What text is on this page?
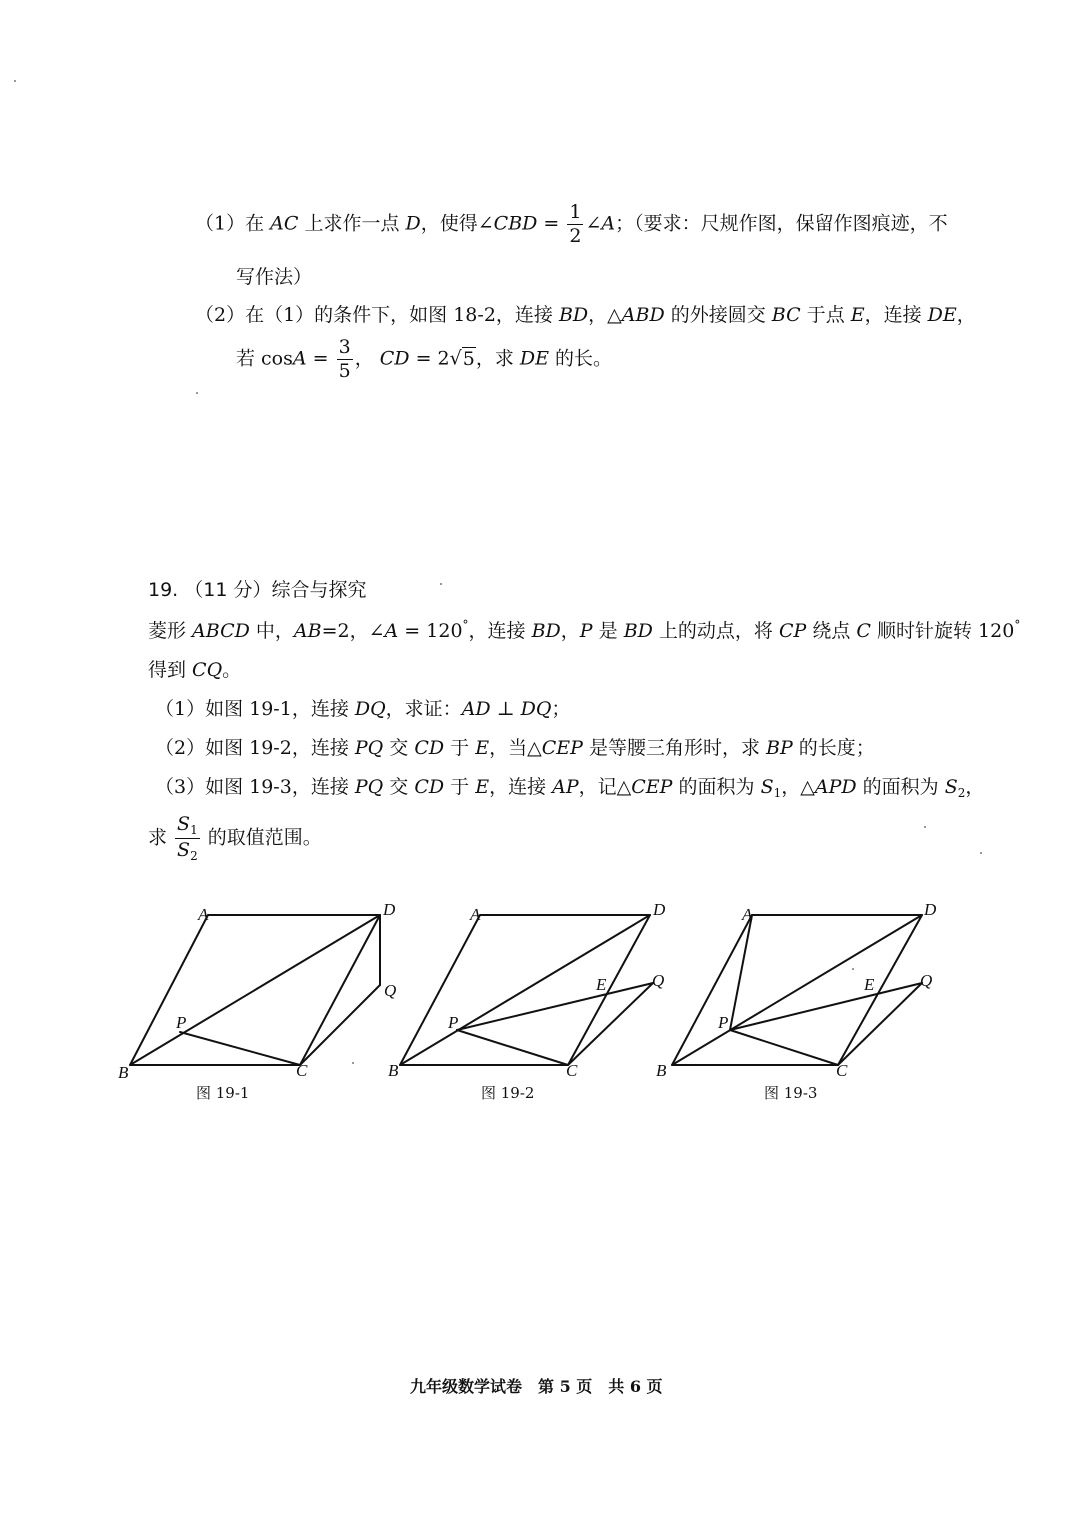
（1）在 AC 上求作一点 D，使得∠CBD = $\frac{1}{2}$ ∠A；（要求：尺规作图，保留作图痕迹，不
写作法）
（2）在（1）的条件下，如图 18-2，连接 BD，△ABD 的外接圆交 BC 于点 E，连接 DE，
若 $\cos A = \frac{3}{5}$ ， CD = 2√5，求 DE 的长。
19. （11 分）综合与探究
菱形 ABCD 中，AB=2，∠A = 120°，连接 BD，P 是 BD 上的动点，将 CP 绕点 C 顺时针旋转 120°
得到 CQ。
（1）如图 19-1，连接 DQ，求证：AD ⊥ DQ；
（2）如图 19-2，连接 PQ 交 CD 于 E，当△CEP 是等腰三角形时，求 BP 的长度；
（3）如图 19-3，连接 PQ 交 CD 于 E，连接 AP，记△CEP 的面积为 $S_1$，△APD 的面积为 $S_2$，
求 $\frac{S_1}{S_2}$ 的取值范围。
A	D
Q
P
B	C
A	D
E	Q
P
B	C
A	D
E	Q
P
B	C
图 19-1	图 19-2	图 19-3
九年级数学试卷　第 5 页　共 6 页
